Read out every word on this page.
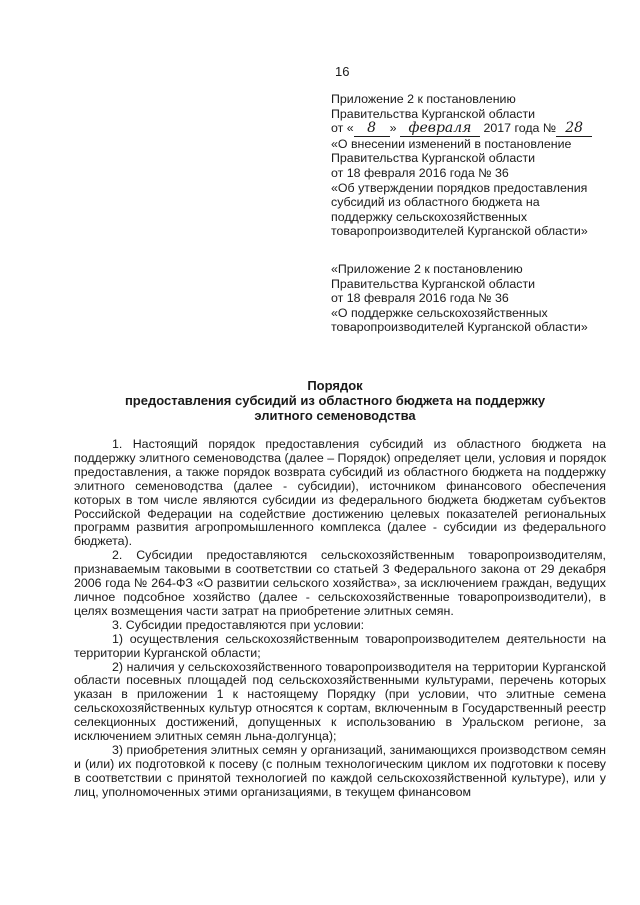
16
Приложение 2 к постановлению
Правительства Курганской области
от « 8 » февраля 2017 года № 28
«О внесении изменений в постановление
Правительства Курганской области
от 18 февраля 2016 года № 36
«Об утверждении порядков предоставления
субсидий из областного бюджета на
поддержку сельскохозяйственных
товаропроизводителей Курганской области»
«Приложение 2 к постановлению
Правительства Курганской области
от 18 февраля 2016 года № 36
«О поддержке сельскохозяйственных
товаропроизводителей Курганской области»
Порядок
предоставления субсидий из областного бюджета на поддержку
элитного семеноводства

1. Настоящий порядок предоставления субсидий из областного бюджета на поддержку элитного семеноводства (далее – Порядок) определяет цели, условия и порядок предоставления, а также порядок возврата субсидий из областного бюджета на поддержку элитного семеноводства (далее - субсидии), источником финансового обеспечения которых в том числе являются субсидии из федерального бюджета бюджетам субъектов Российской Федерации на содействие достижению целевых показателей региональных программ развития агропромышленного комплекса (далее - субсидии из федерального бюджета).

2. Субсидии предоставляются сельскохозяйственным товаропроизводителям, признаваемым таковыми в соответствии со статьей 3 Федерального закона от 29 декабря 2006 года № 264-ФЗ «О развитии сельского хозяйства», за исключением граждан, ведущих личное подсобное хозяйство (далее - сельскохозяйственные товаропроизводители), в целях возмещения части затрат на приобретение элитных семян.

3. Субсидии предоставляются при условии:

1) осуществления сельскохозяйственным товаропроизводителем деятельности на территории Курганской области;

2) наличия у сельскохозяйственного товаропроизводителя на территории Курганской области посевных площадей под сельскохозяйственными культурами, перечень которых указан в приложении 1 к настоящему Порядку (при условии, что элитные семена сельскохозяйственных культур относятся к сортам, включенным в Государственный реестр селекционных достижений, допущенных к использованию в Уральском регионе, за исключением элитных семян льна-долгунца);

3) приобретения элитных семян у организаций, занимающихся производством семян и (или) их подготовкой к посеву (с полным технологическим циклом их подготовки к посеву в соответствии с принятой технологией по каждой сельскохозяйственной культуре), или у лиц, уполномоченных этими организациями, в текущем финансовом
